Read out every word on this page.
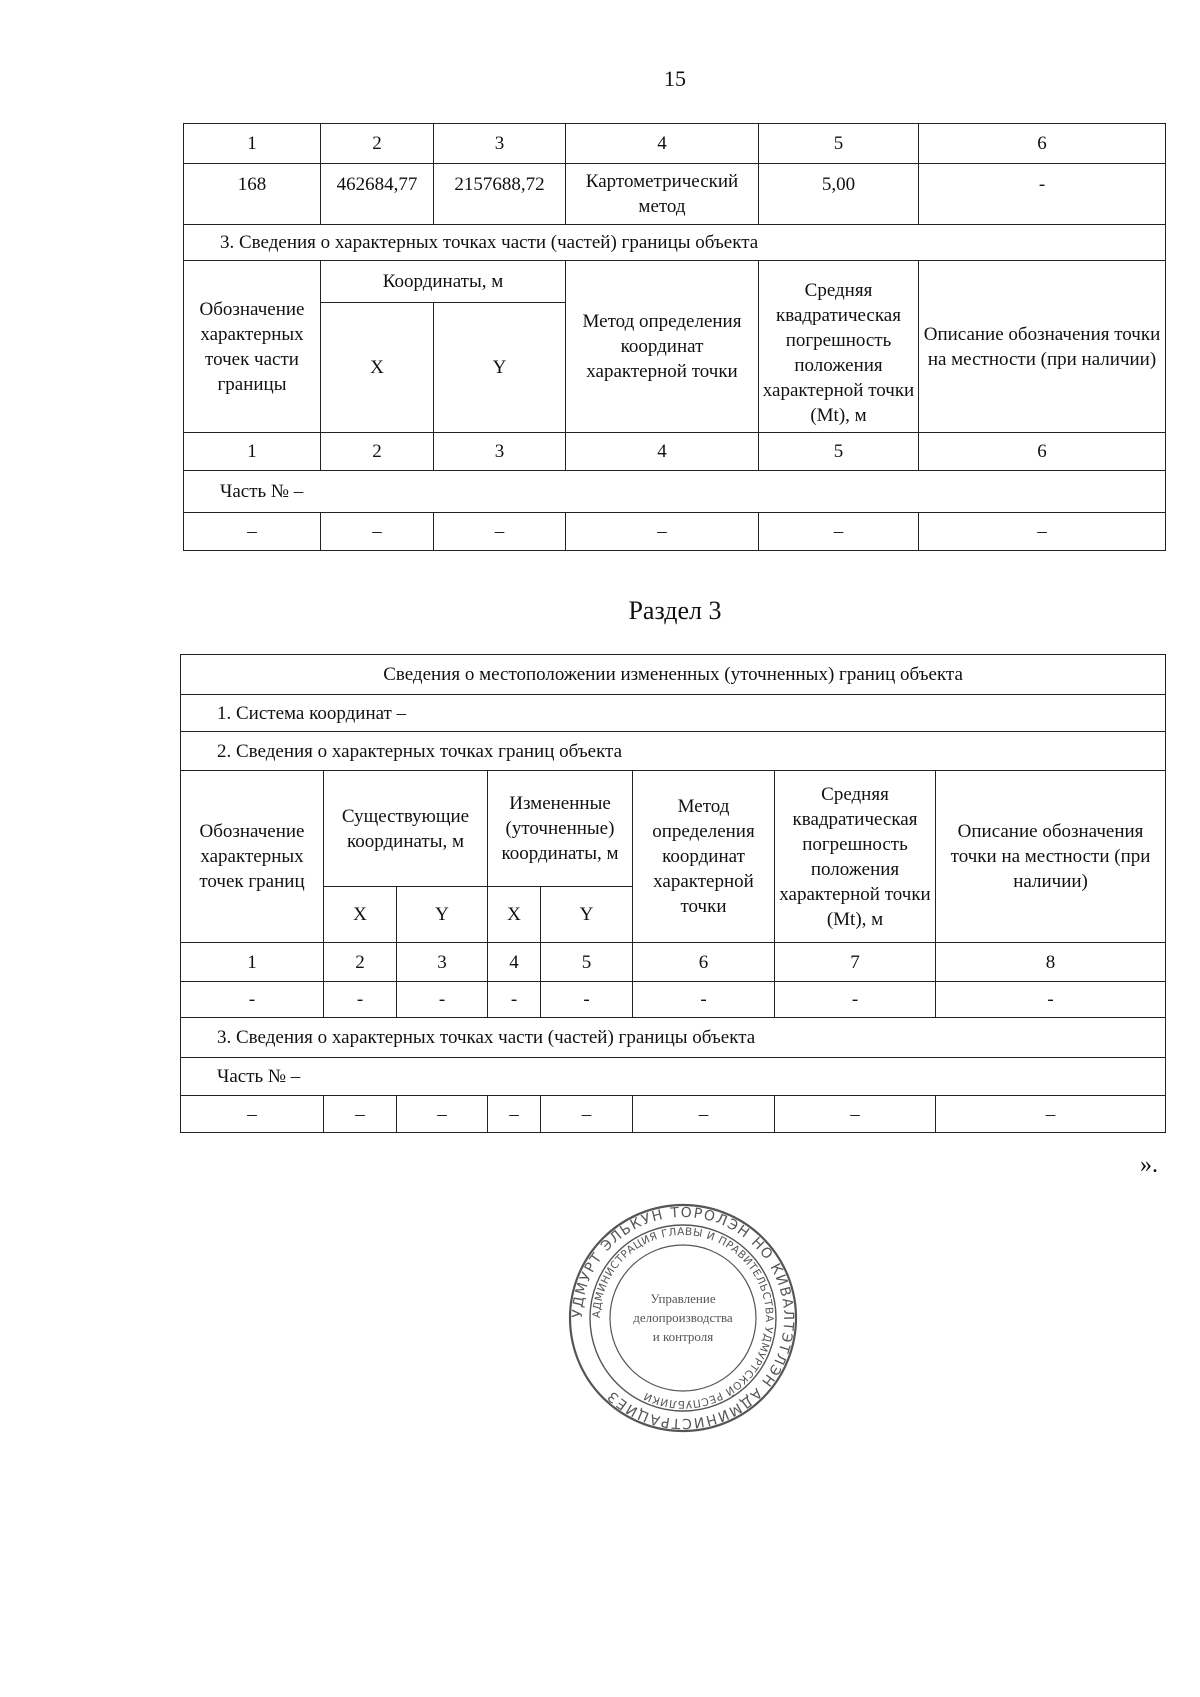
15
1	2	3	4	5	6
168	462684,77	2157688,72	Картометрический метод	5,00	-
3. Сведения о характерных точках части (частей) границы объекта					
Обозначение характерных точек части границы	Координаты, м		Метод определения координат характерной точки	Средняя квадратическая погрешность положения характерной точки (Mt), м	Описание обозначения точки на местности (при наличии)
	X	Y			
1	2	3	4	5	6
Часть № –					
–	–	–	–	–	–
Раздел 3
Сведения о местоположении измененных (уточненных) границ объекта							
1. Система координат –							
2. Сведения о характерных точках границ объекта							
Обозначение характерных точек границ	Существующие координаты, м		Измененные (уточненные) координаты, м		Метод определения координат характерной точки	Средняя квадратическая погрешность положения характерной точки (Mt), м	Описание обозначения точки на местности (при наличии)
	X	Y	X	Y			
1	2	3	4	5	6	7	8
-	-	-	-	-	-	-	-
3. Сведения о характерных точках части (частей) границы объекта							
Часть № –							
–	–	–	–	–	–	–	–
».
УДМУРТ ЭЛЬКУН ТОРОЛЭН НО КИВАЛТЭТЛЭН АДМИНИСТРАЦИЕЗ
АДМИНИСТРАЦИЯ ГЛАВЫ И ПРАВИТЕЛЬСТВА УДМУРТСКОЙ РЕСПУБЛИКИ
Управление
делопроизводства
и контроля
